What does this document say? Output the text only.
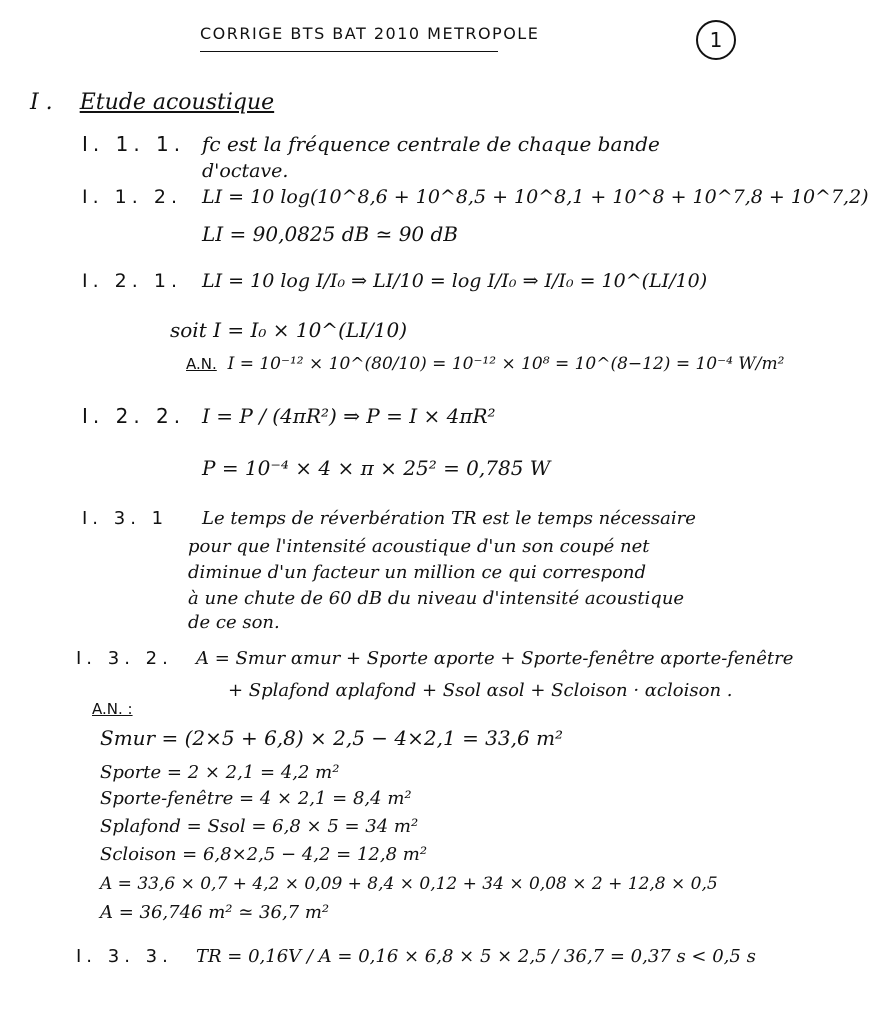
CORRIGE BTS BAT 2010 METROPOLE	1
I . Etude acoustique
I. 1. 1. fc est la fréquence centrale de chaque bande
d'octave.
I. 1. 2. LI = 10 log(10^8,6 + 10^8,5 + 10^8,1 + 10^8 + 10^7,8 + 10^7,2)
LI = 90,0825 dB ≃ 90 dB
I. 2. 1. LI = 10 log I/I₀ ⇒ LI/10 = log I/I₀ ⇒ I/I₀ = 10^(LI/10)
soit I = I₀ × 10^(LI/10)
A.N. I = 10⁻¹² × 10^(80/10) = 10⁻¹² × 10⁸ = 10^(8−12) = 10⁻⁴ W/m²
I. 2. 2. I = P / (4πR²) ⇒ P = I × 4πR²
P = 10⁻⁴ × 4 × π × 25² = 0,785 W
I. 3. 1 Le temps de réverbération TR est le temps nécessaire
pour que l'intensité acoustique d'un son coupé net
diminue d'un facteur un million ce qui correspond
à une chute de 60 dB du niveau d'intensité acoustique
de ce son.
I. 3. 2. A = Smur αmur + Sporte αporte + Sporte-fenêtre αporte-fenêtre
+ Splafond αplafond + Ssol αsol + Scloison · αcloison .
A.N. :
Smur = (2×5 + 6,8) × 2,5 − 4×2,1 = 33,6 m²
Sporte = 2 × 2,1 = 4,2 m²
Sporte-fenêtre = 4 × 2,1 = 8,4 m²
Splafond = Ssol = 6,8 × 5 = 34 m²
Scloison = 6,8×2,5 − 4,2 = 12,8 m²
A = 33,6 × 0,7 + 4,2 × 0,09 + 8,4 × 0,12 + 34 × 0,08 × 2 + 12,8 × 0,5
A = 36,746 m² ≃ 36,7 m²
I. 3. 3. TR = 0,16V / A = 0,16 × 6,8 × 5 × 2,5 / 36,7 = 0,37 s < 0,5 s
